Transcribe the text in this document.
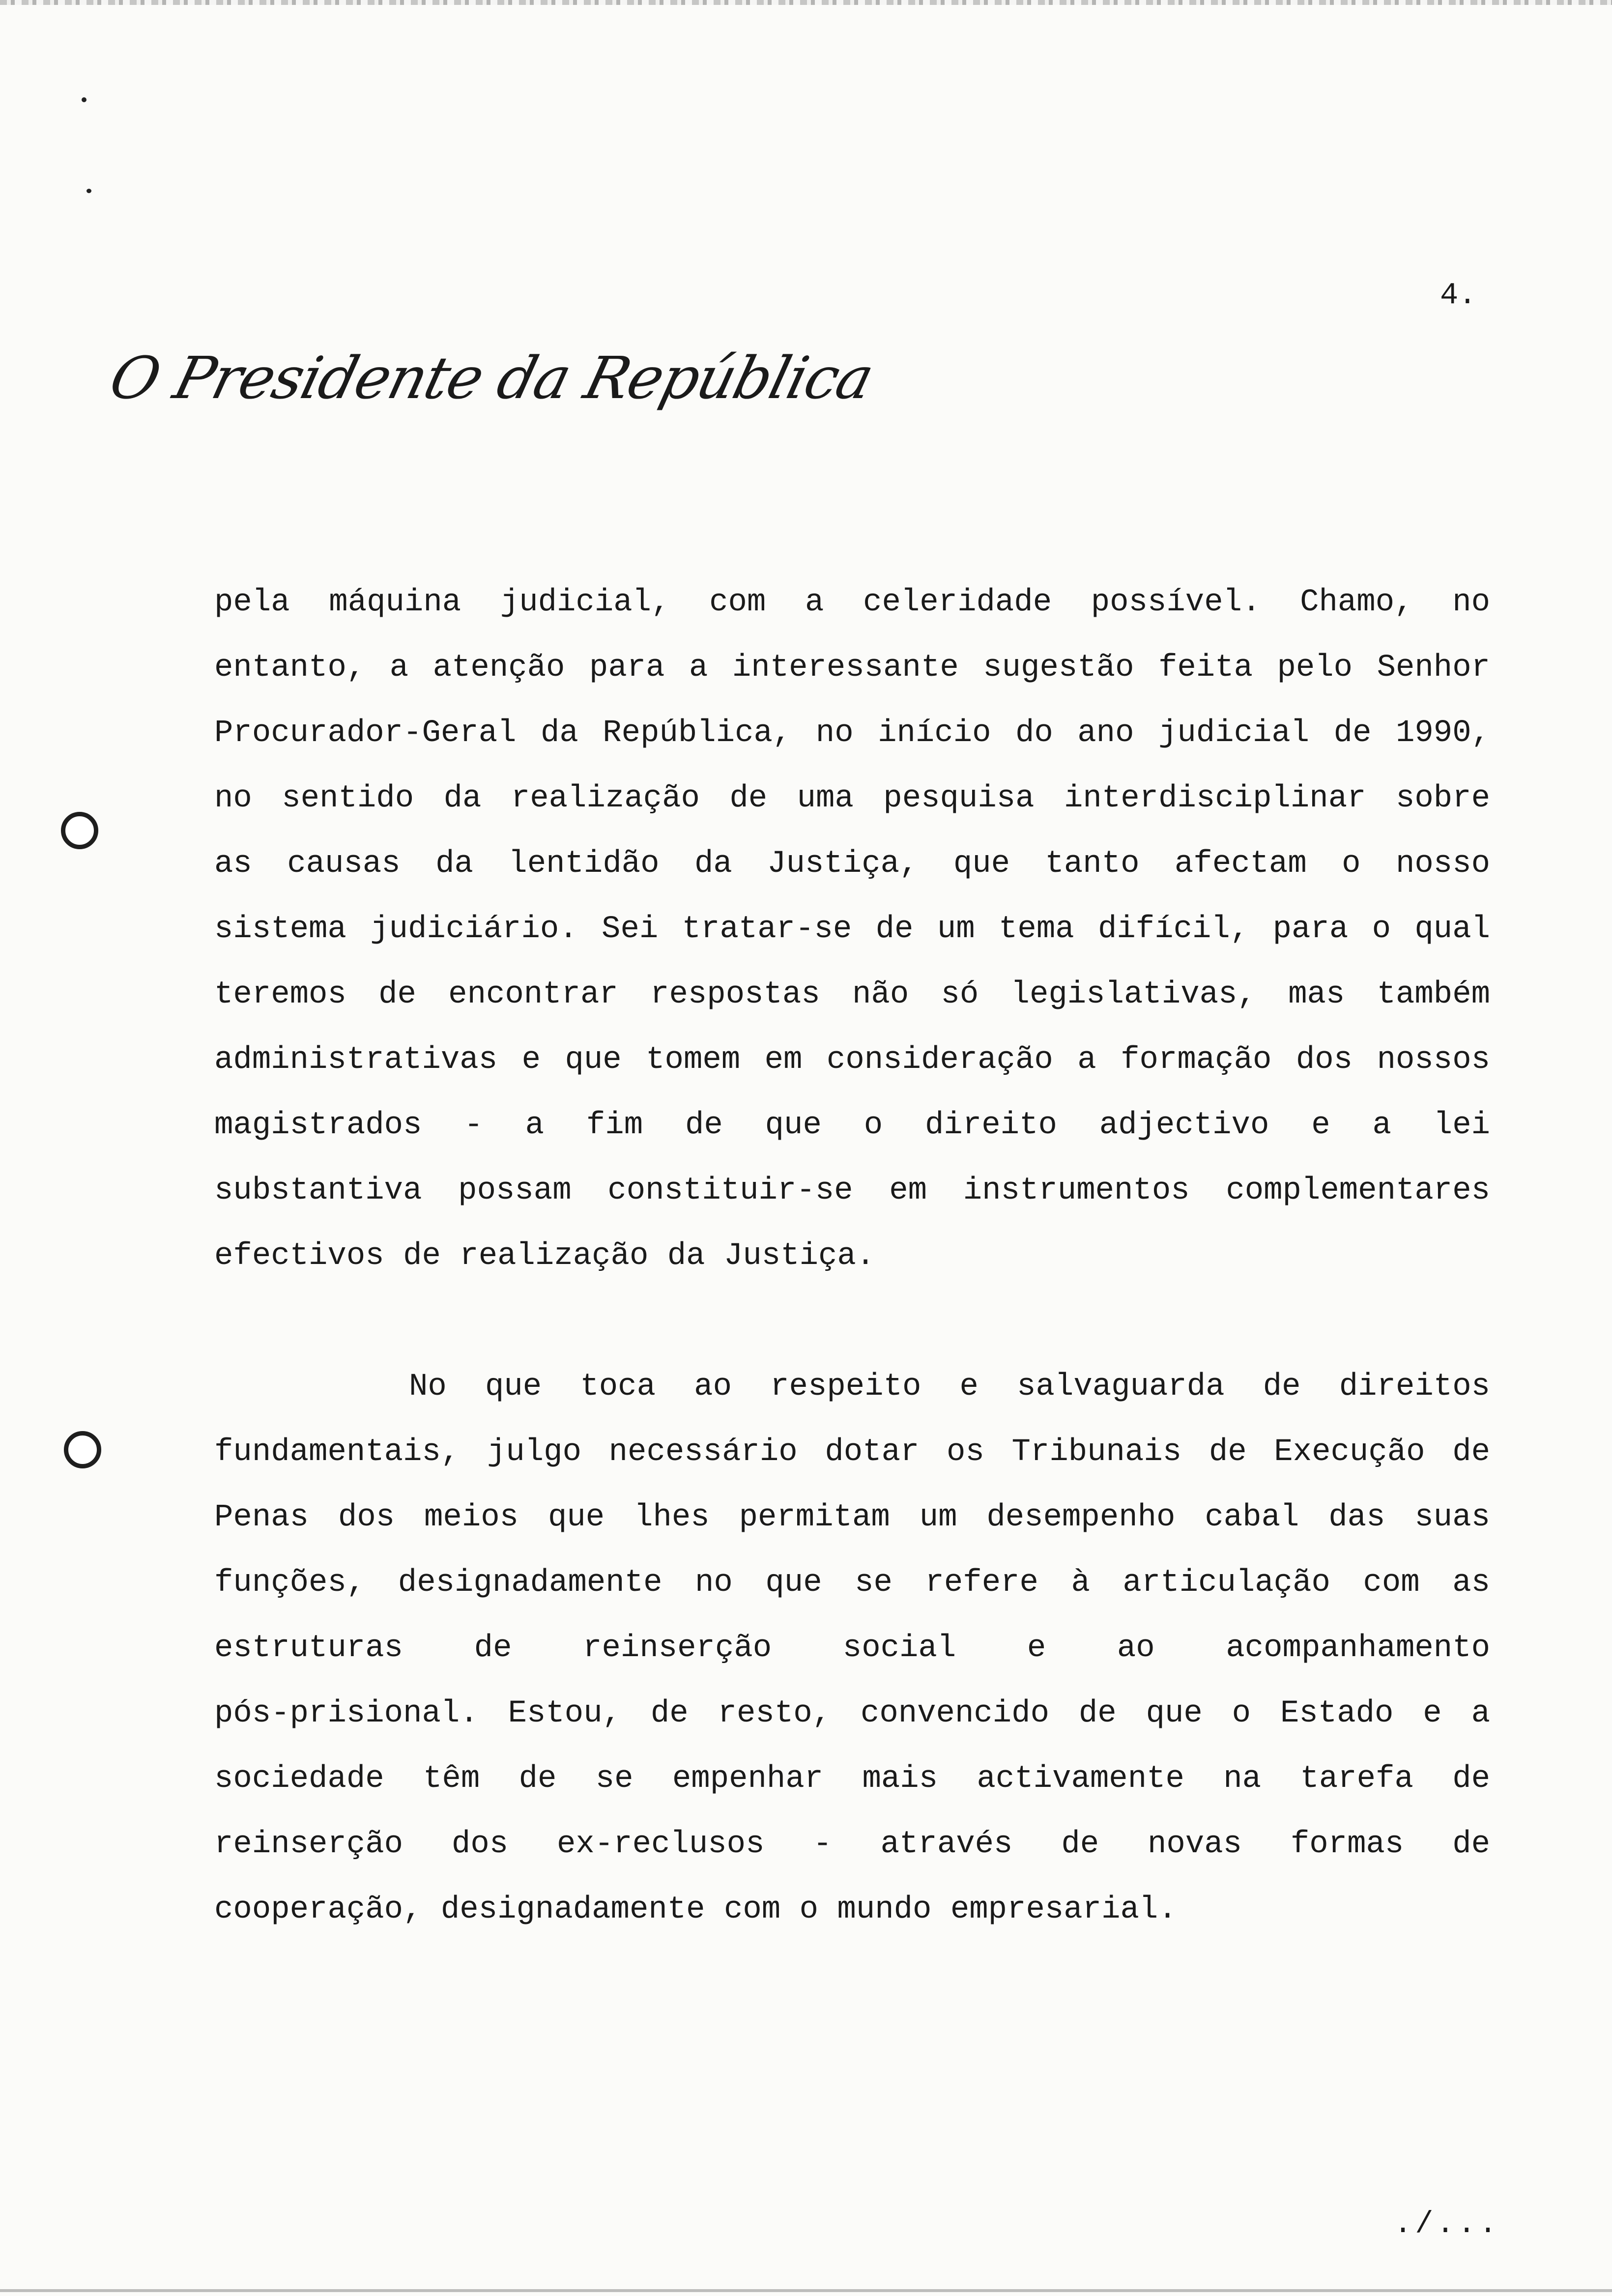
4.
O Presidente da República
pela máquina judicial, com a celeridade possível. Chamo, no
entanto, a atenção para a interessante sugestão feita pelo Senhor
Procurador-Geral da República, no início do ano judicial de 1990,
no sentido da realização de uma pesquisa interdisciplinar sobre
as causas da lentidão da Justiça, que tanto afectam o nosso
sistema judiciário. Sei tratar-se de um tema difícil, para o qual
teremos de encontrar respostas não só legislativas, mas também
administrativas e que tomem em consideração a formação dos nossos
magistrados - a fim de que o direito adjectivo e a lei
substantiva possam constituir-se em instrumentos complementares
efectivos de realização da Justiça.
No que toca ao respeito e salvaguarda de direitos
fundamentais, julgo necessário dotar os Tribunais de Execução de
Penas dos meios que lhes permitam um desempenho cabal das suas
funções, designadamente no que se refere à articulação com as
estruturas de reinserção social e ao acompanhamento
pós-prisional. Estou, de resto, convencido de que o Estado e a
sociedade têm de se empenhar mais activamente na tarefa de
reinserção dos ex-reclusos - através de novas formas de
cooperação, designadamente com o mundo empresarial.
./...
